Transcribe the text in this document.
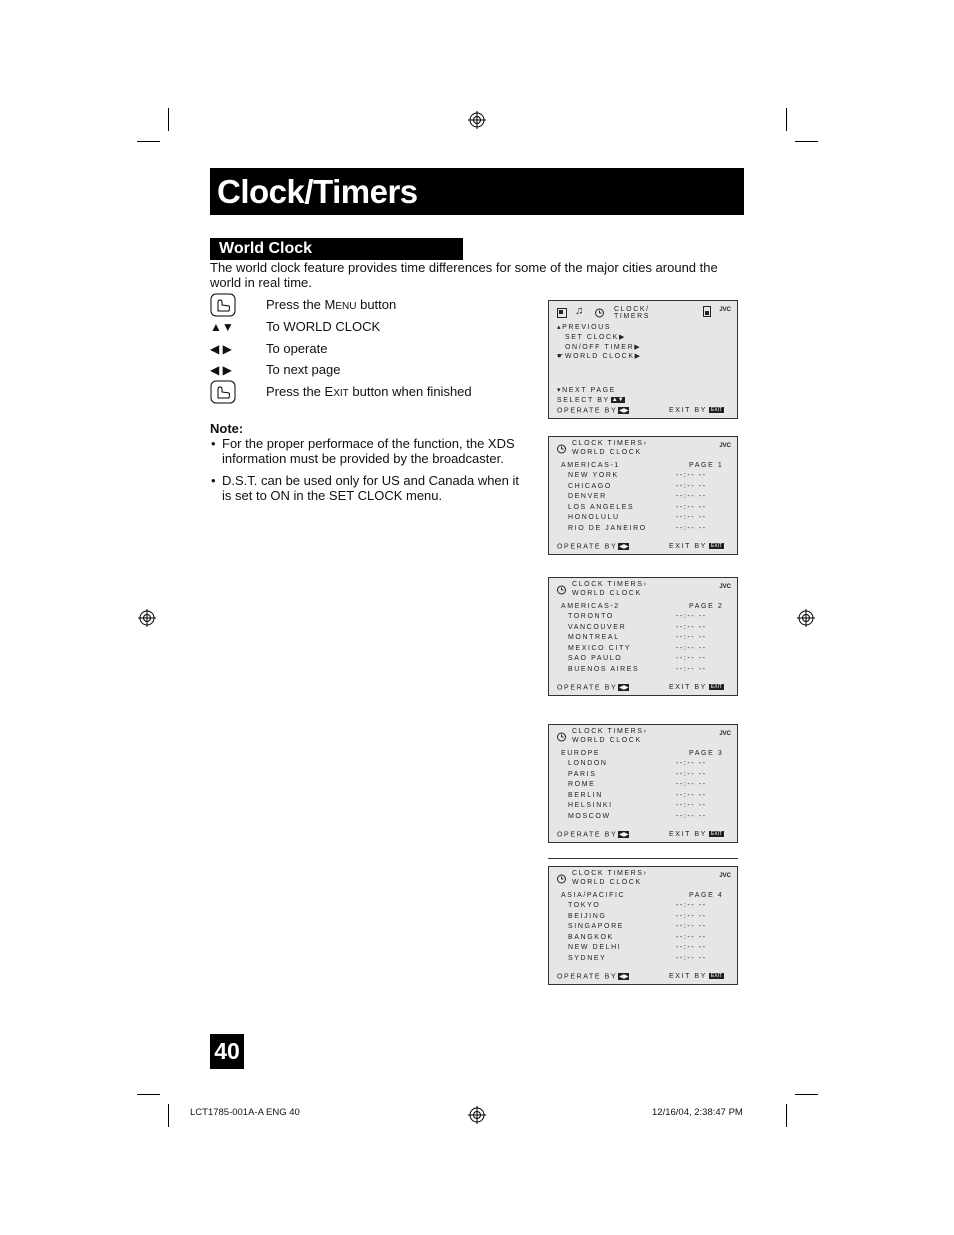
Clock/Timers
World Clock
The world clock feature provides time differences for some of the major cities around the world in real time.
Press the MENU button
▲▼	To WORLD CLOCK
◀ ▶	To operate
◀ ▶	To next page
Press the EXIT button when finished
Note:
• For the proper performace of the function, the XDS information must be provided by the broadcaster.
• D.S.T. can be used only for US and Canada when it is set to ON in the SET CLOCK menu.
♫	CLOCK/
TIMERS
JVC
▴PREVIOUS
SET CLOCK▶
ON/OFF TIMER▶
☛WORLD CLOCK▶
▾NEXT PAGE
SELECT BY ▲▼
OPERATE BY ◀▶	EXIT BY EXIT
CLOCK TIMERS›
WORLD CLOCK
JVC
AMERICAS-1	PAGE 1
NEW YORK	--:-- --
CHICAGO	--:-- --
DENVER	--:-- --
LOS ANGELES	--:-- --
HONOLULU	--:-- --
RIO DE JANEIRO	--:-- --
OPERATE BY ◀▶	EXIT BY EXIT
CLOCK TIMERS›
WORLD CLOCK
JVC
AMERICAS-2	PAGE 2
TORONTO	--:-- --
VANCOUVER	--:-- --
MONTREAL	--:-- --
MEXICO CITY	--:-- --
SAO PAULO	--:-- --
BUENOS AIRES	--:-- --
OPERATE BY ◀▶	EXIT BY EXIT
CLOCK TIMERS›
WORLD CLOCK
JVC
EUROPE	PAGE 3
LONDON	--:-- --
PARIS	--:-- --
ROME	--:-- --
BERLIN	--:-- --
HELSINKI	--:-- --
MOSCOW	--:-- --
OPERATE BY ◀▶	EXIT BY EXIT
CLOCK TIMERS›
WORLD CLOCK
JVC
ASIA/PACIFIC	PAGE 4
TOKYO	--:-- --
BEIJING	--:-- --
SINGAPORE	--:-- --
BANGKOK	--:-- --
NEW DELHI	--:-- --
SYDNEY	--:-- --
OPERATE BY ◀▶	EXIT BY EXIT
40
LCT1785-001A-A ENG 40	12/16/04, 2:38:47 PM
